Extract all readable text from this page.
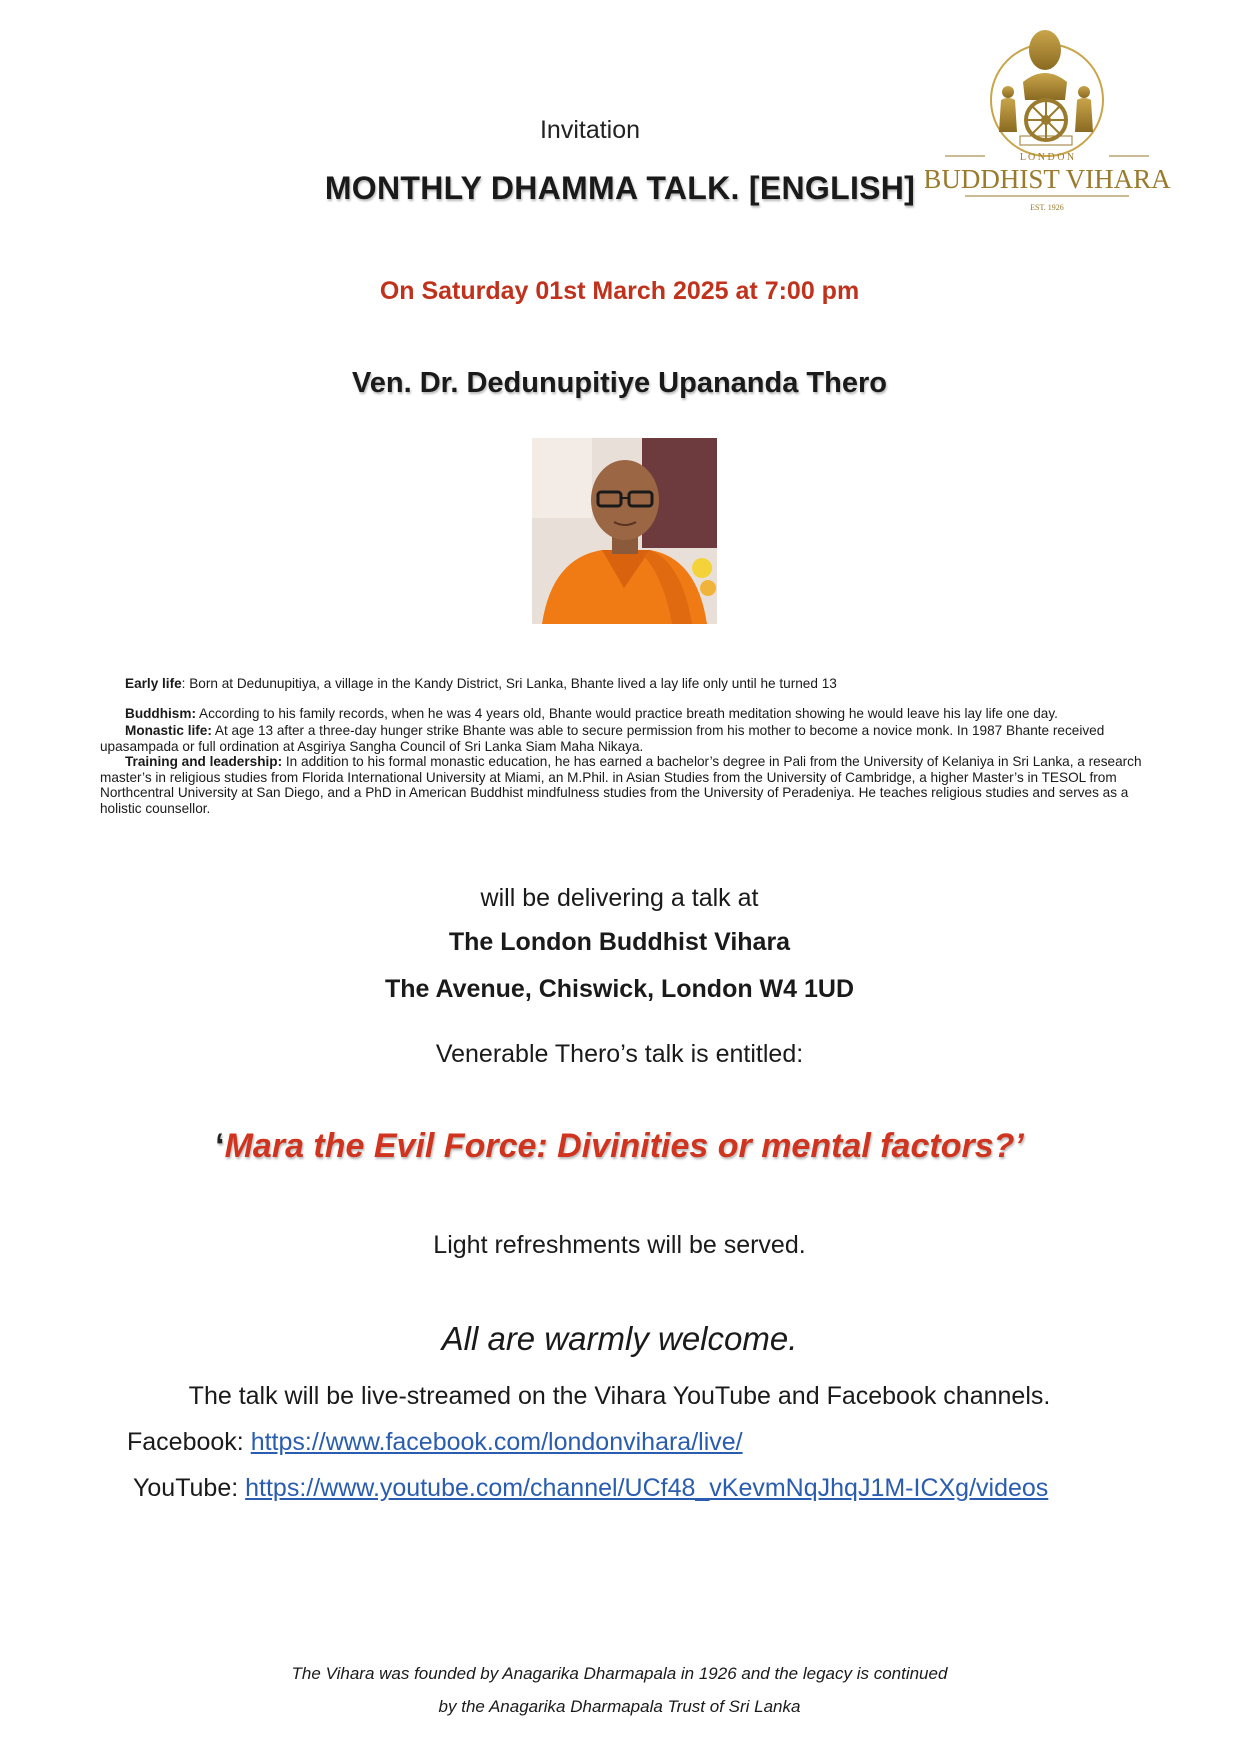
Invitation
MONTHLY DHAMMA TALK. [ENGLISH]
L O N D O N
BUDDHIST VIHARA
EST. 1926
On Saturday 01st March 2025 at 7:00 pm
Ven. Dr. Dedunupitiye Upananda Thero

Early life: Born at Dedunupitiya, a village in the Kandy District, Sri Lanka, Bhante lived a lay life only until he turned 13

Buddhism: According to his family records, when he was 4 years old, Bhante would practice breath meditation showing he would leave his lay life one day.

Monastic life: At age 13 after a three-day hunger strike Bhante was able to secure permission from his mother to become a novice monk. In 1987 Bhante received upasampada or full ordination at Asgiriya Sangha Council of Sri Lanka Siam Maha Nikaya.

Training and leadership: In addition to his formal monastic education, he has earned a bachelor’s degree in Pali from the University of Kelaniya in Sri Lanka, a research master’s in religious studies from Florida International University at Miami, an M.Phil. in Asian Studies from the University of Cambridge, a higher Master’s in TESOL from Northcentral University at San Diego, and a PhD in American Buddhist mindfulness studies from the University of Peradeniya. He teaches religious studies and serves as a holistic counsellor.

will be delivering a talk at
The London Buddhist Vihara
The Avenue, Chiswick, London W4 1UD
Venerable Thero’s talk is entitled:
‘Mara the Evil Force: Divinities or mental factors?’
Light refreshments will be served.
All are warmly welcome.
The talk will be live-streamed on the Vihara YouTube and Facebook channels.
Facebook: https://www.facebook.com/londonvihara/live/
YouTube: https://www.youtube.com/channel/UCf48_vKevmNqJhqJ1M-ICXg/videos
The Vihara was founded by Anagarika Dharmapala in 1926 and the legacy is continued
by the Anagarika Dharmapala Trust of Sri Lanka
